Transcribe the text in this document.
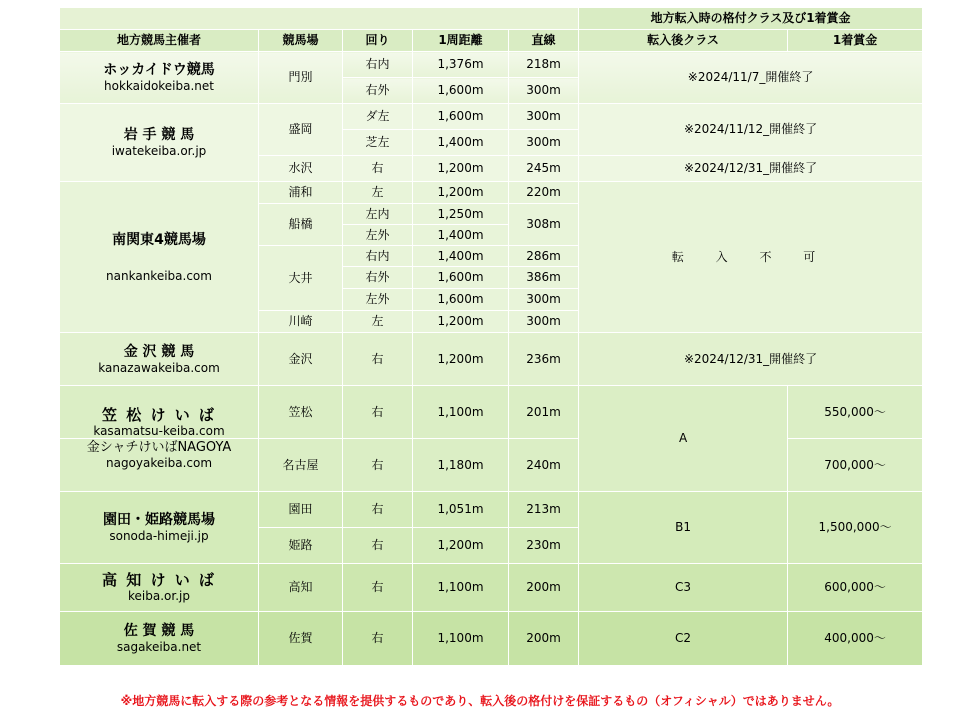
					地方転入時の格付クラス及び1着賞金	
地方競馬主催者	競馬場	回り	1周距離	直線	転入後クラス	1着賞金

ホッカイドウ競馬
hokkaidokeiba.net	門別	右内	1,376m	218m	※2024/11/7_開催終了	
		右外	1,600m	300m		

岩 手 競 馬
iwatekeiba.or.jp	盛岡	ダ左	1,600m	300m	※2024/11/12_開催終了	
		芝左	1,400m	300m		
	水沢	右	1,200m	245m	※2024/12/31_開催終了	

南関東4競馬場
nankankeiba.com	浦和	左	1,200m	220m	転 入 不 可	
	船橋	左内	1,250m	308m		
		左外	1,400m			
	大井	右内	1,400m	286m		
		右外	1,600m	386m		
		左外	1,600m	300m		
	川崎	左	1,200m	300m		

金 沢 競 馬
kanazawakeiba.com	金沢	右	1,200m	236m	※2024/12/31_開催終了	

笠 松 け い ば
kasamatsu-keiba.com	笠松	右	1,100m	201m	A	550,000～

金シャチけいばNAGOYA
nagoyakeiba.com	名古屋	右	1,180m	240m		700,000～

園田・姫路競馬場
sonoda-himeji.jp	園田	右	1,051m	213m	B1	1,500,000～
	姫路	右	1,200m	230m		

高 知 け い ば
keiba.or.jp	高知	右	1,100m	200m	C3	600,000～

佐 賀 競 馬
sagakeiba.net	佐賀	右	1,100m	200m	C2	400,000～
※地方競馬に転入する際の参考となる情報を提供するものであり、転入後の格付けを保証するもの（オフィシャル）ではありません。
